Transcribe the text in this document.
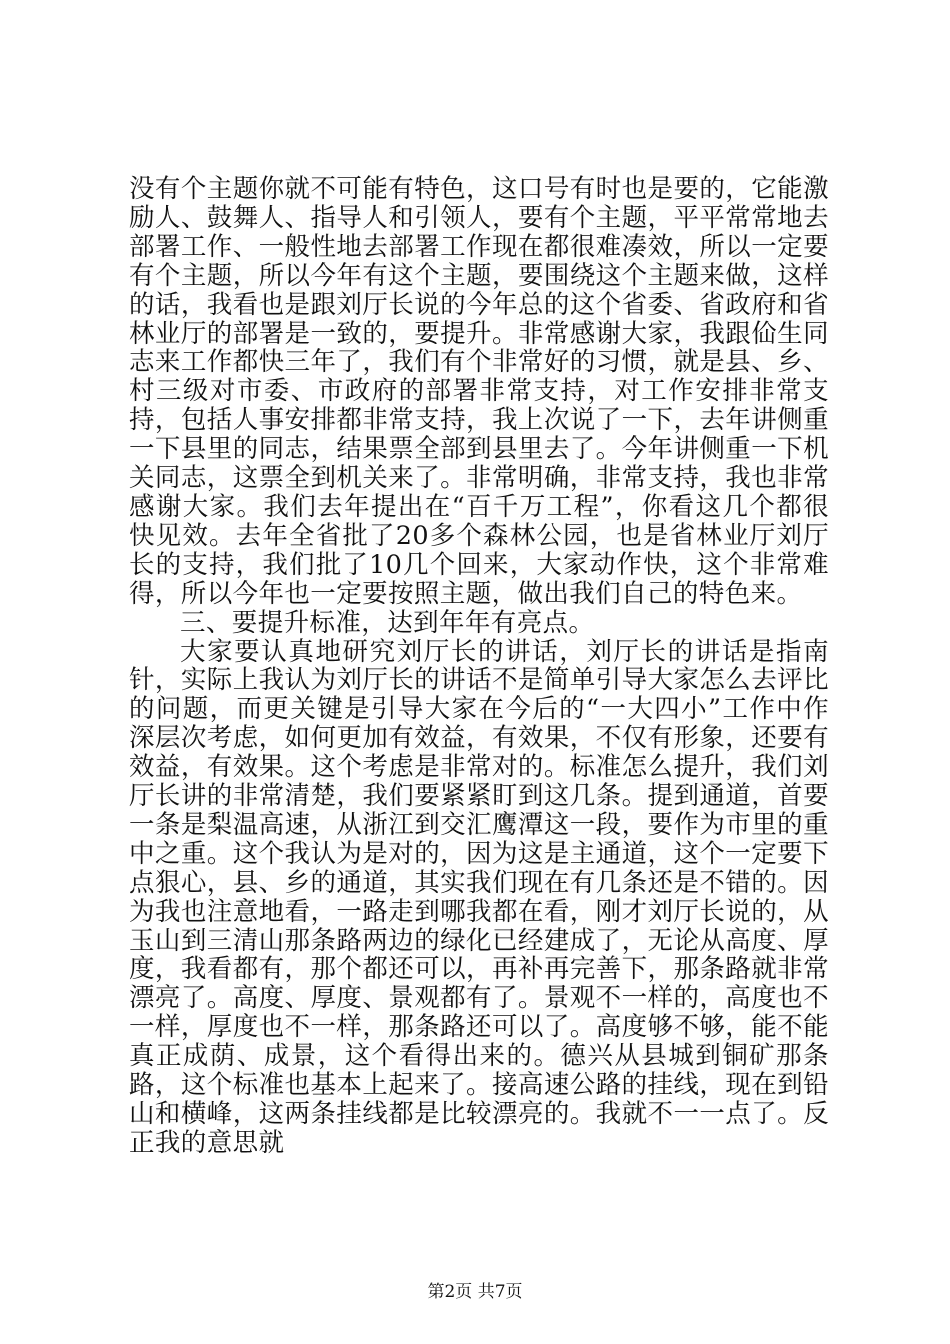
没有个主题你就不可能有特色，这口号有时也是要的，它能激励人、鼓舞人、指导人和引领人，要有个主题，平平常常地去部署工作、一般性地去部署工作现在都很难凑效，所以一定要有个主题，所以今年有这个主题，要围绕这个主题来做，这样的话，我看也是跟刘厅长说的今年总的这个省委、省政府和省林业厅的部署是一致的，要提升。非常感谢大家，我跟佡生同志来工作都快三年了，我们有个非常好的习惯，就是县、乡、村三级对市委、市政府的部署非常支持，对工作安排非常支持，包括人事安排都非常支持，我上次说了一下，去年讲侧重一下县里的同志，结果票全部到县里去了。今年讲侧重一下机关同志，这票全到机关来了。非常明确，非常支持，我也非常感谢大家。我们去年提出在“百千万工程”，你看这几个都很快见效。去年全省批了20多个森林公园，也是省林业厅刘厅长的支持，我们批了10几个回来，大家动作快，这个非常难得，所以今年也一定要按照主题，做出我们自己的特色来。

三、要提升标准，达到年年有亮点。

大家要认真地研究刘厅长的讲话，刘厅长的讲话是指南针，实际上我认为刘厅长的讲话不是简单引导大家怎么去评比的问题，而更关键是引导大家在今后的“一大四小”工作中作深层次考虑，如何更加有效益，有效果，不仅有形象，还要有效益，有效果。这个考虑是非常对的。标准怎么提升，我们刘厅长讲的非常清楚，我们要紧紧盯到这几条。提到通道，首要一条是梨温高速，从浙江到交汇鹰潭这一段，要作为市里的重中之重。这个我认为是对的，因为这是主通道，这个一定要下点狠心，县、乡的通道，其实我们现在有几条还是不错的。因为我也注意地看，一路走到哪我都在看，刚才刘厅长说的，从玉山到三清山那条路两边的绿化已经建成了，无论从高度、厚度，我看都有，那个都还可以，再补再完善下，那条路就非常漂亮了。高度、厚度、景观都有了。景观不一样的，高度也不一样，厚度也不一样，那条路还可以了。高度够不够，能不能真正成荫、成景，这个看得出来的。德兴从县城到铜矿那条路，这个标准也基本上起来了。接高速公路的挂线，现在到铅山和横峰，这两条挂线都是比较漂亮的。我就不一一点了。反正我的意思就

第2页 共7页
